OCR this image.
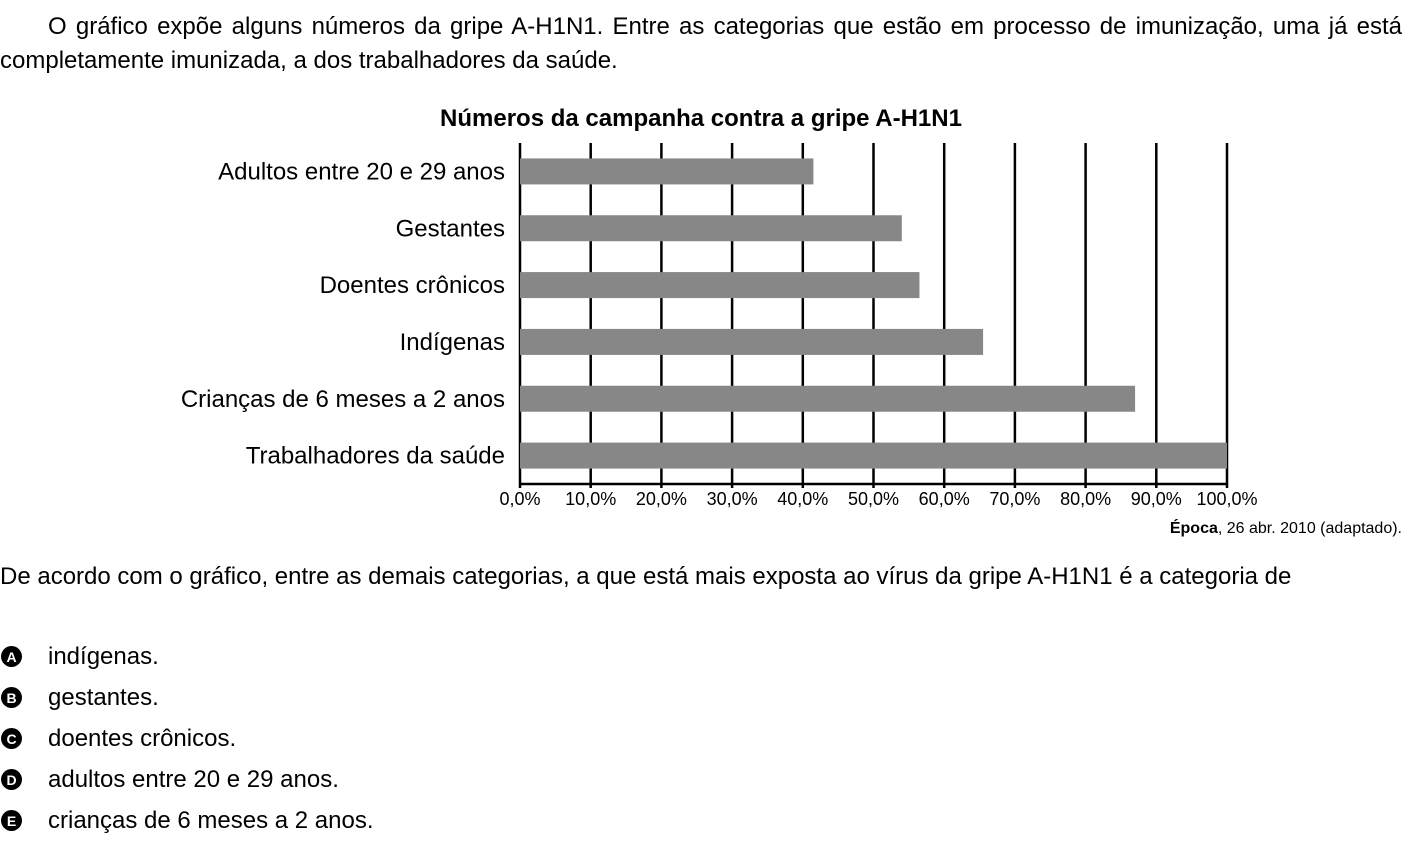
O gráfico expõe alguns números da gripe A-H1N1. Entre as categorias que estão em processo de imunização, uma já está completamente imunizada, a dos trabalhadores da saúde.

Números da campanha contra a gripe A-H1N1
Adultos entre 20 e 29 anos
Gestantes
Doentes crônicos
Indígenas
Crianças de 6 meses a 2 anos
Trabalhadores da saúde
0,0% 10,0% 20,0% 30,0% 40,0% 50,0% 60,0% 70,0% 80,0% 90,0% 100,0%
Época, 26 abr. 2010 (adaptado).

De acordo com o gráfico, entre as demais categorias, a que está mais exposta ao vírus da gripe A-H1N1 é a categoria de

A indígenas.
B gestantes.
C doentes crônicos.
D adultos entre 20 e 29 anos.
E crianças de 6 meses a 2 anos.
